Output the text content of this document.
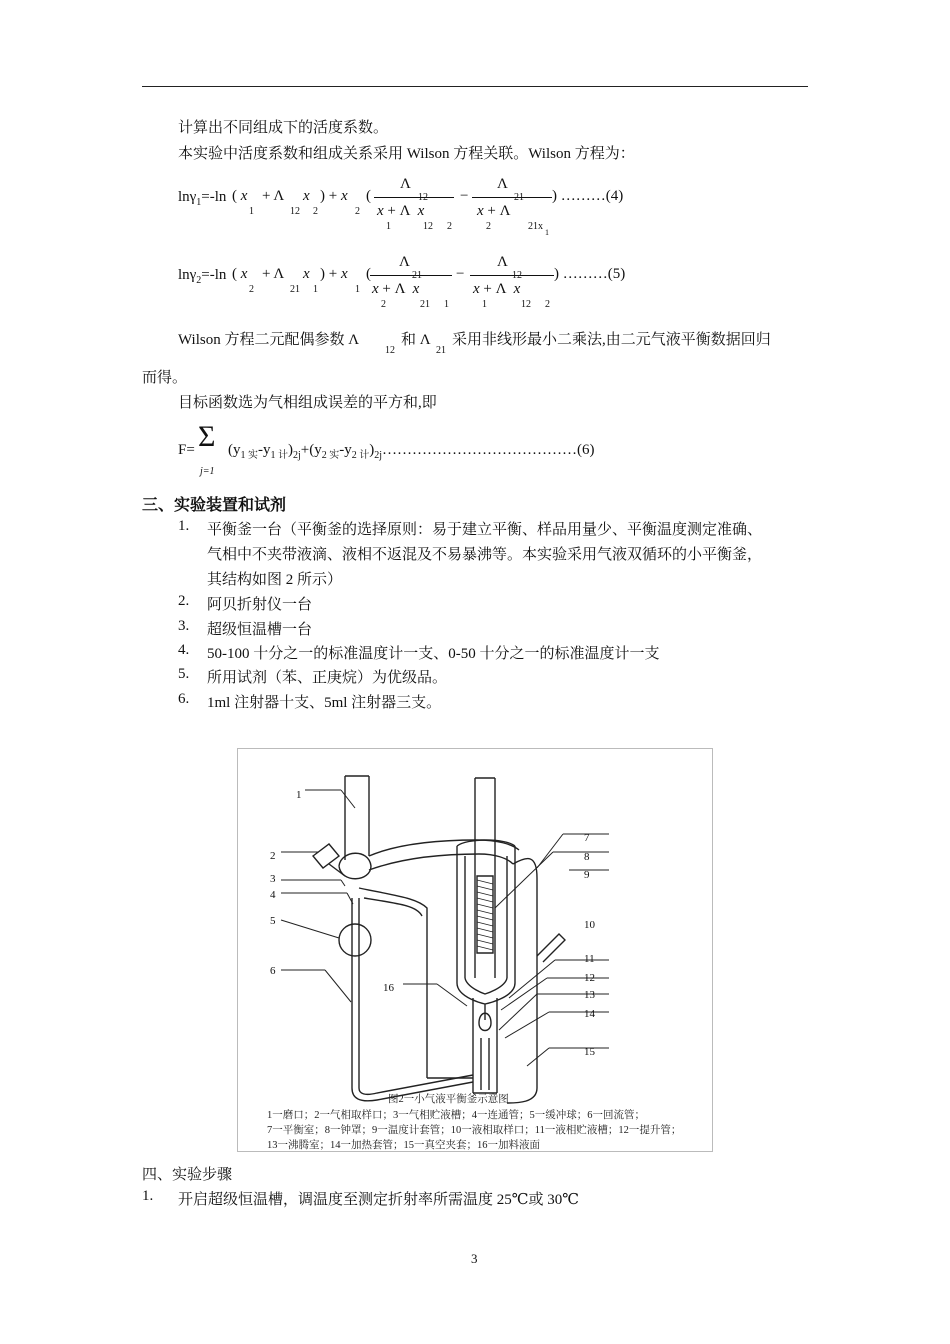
计算出不同组成下的活度系数。
本实验中活度系数和组成关系采用 Wilson 方程关联。Wilson 方程为：
lnγ$_1$=-ln ( x
1
+ Λ
12
x
2
) + x
2
(
Λ
12
x + Λ x
1	12 2
−
Λ
21
x + Λ
2	21x
1
) ………(4)
lnγ$_2$=-ln ( x
2
+ Λ
21
x
1
) + x
1
(
Λ
21
x + Λ x
2	21 1
−
Λ
12
x + Λ x
1	12 2
) ………(5)
Wilson 方程二元配偶参数 Λ
12
和 Λ
21
采用非线形最小二乘法,由二元气液平衡数据回归
而得。
目标函数选为气相组成误差的平方和,即
F= Σ
j=1
$(y_{1 实}-y_{1 计})_{2j}+(y_{2 实}-y_{2 计})_{2j}\dots\dots\dots\dots\dots\dots\dots\dots\dots\dots\dots\dots\dots(6)$
三、实验装置和试剂
1. 平衡釜一台（平衡釜的选择原则：易于建立平衡、样品用量少、平衡温度测定准确、
气相中不夹带液滴、液相不返混及不易暴沸等。本实验采用气液双循环的小平衡釜，
其结构如图 2 所示）
2. 阿贝折射仪一台
3. 超级恒温槽一台
4. 50-100 十分之一的标准温度计一支、0-50 十分之一的标准温度计一支
5. 所用试剂（苯、正庚烷）为优级品。
6. 1ml 注射器十支、5ml 注射器三支。
1
2
3
4
5
6
7
8
9
10
11
12
13
14
15
16
图2一小气液平衡釜示意图
1一磨口；2一气相取样口；3一气相贮液槽；4一连通管；5一缓冲球；6一回流管；
7一平衡室；8一钟罩；9一温度计套管；10一液相取样口；11一液相贮液槽；12一提升管；
13一沸腾室；14一加热套管；15一真空夹套；16一加料液面
四、实验步骤
1. 开启超级恒温槽，调温度至测定折射率所需温度 25℃或 30℃
3
